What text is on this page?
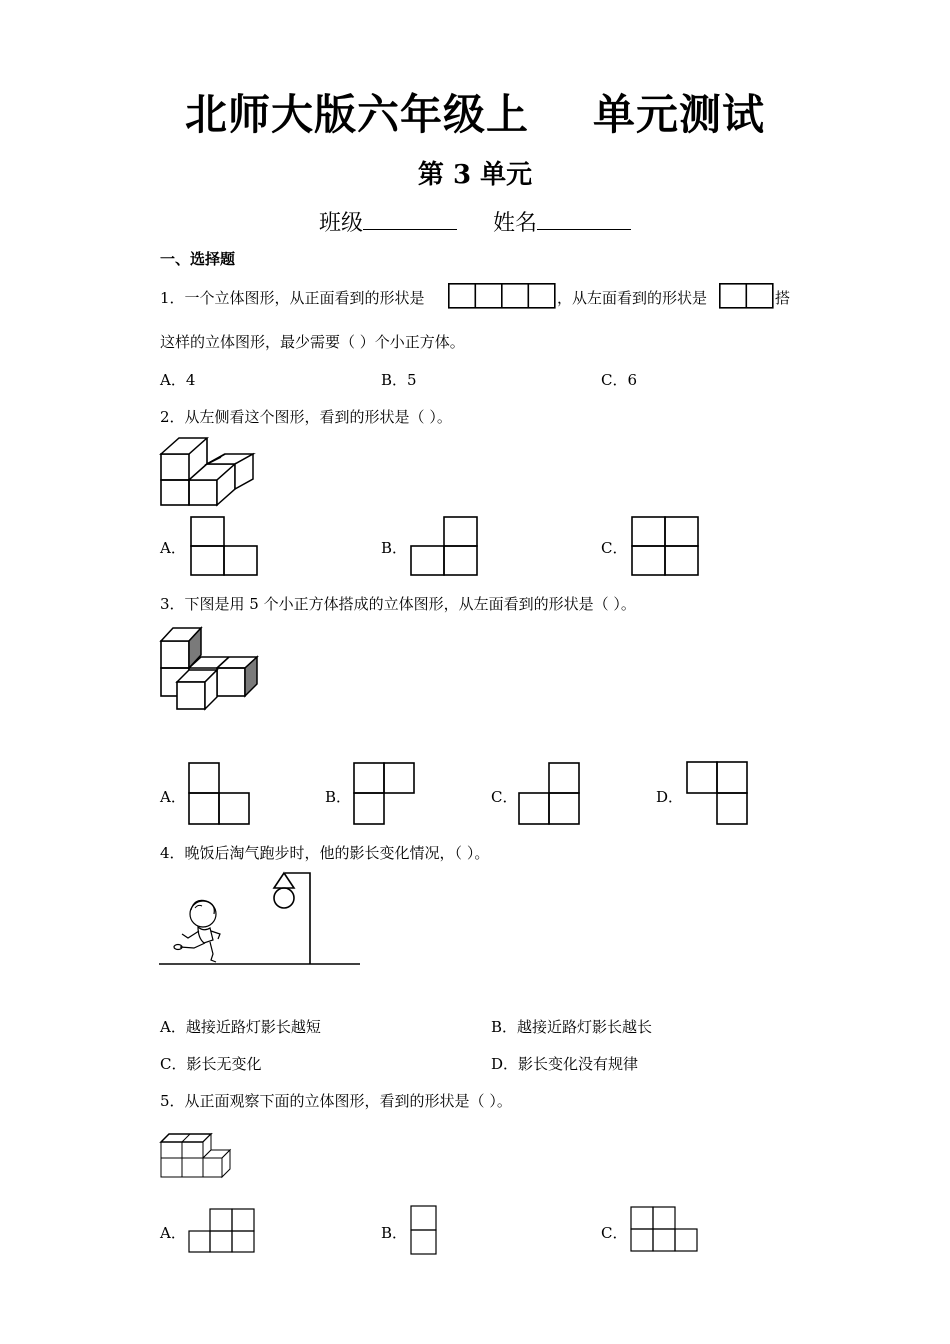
北师大版六年级上 单元测试
第 3 单元
班级	姓名
一、选择题
1．一个立体图形，从正面看到的形状是	，从左面看到的形状是	搭
这样的立体图形，最少需要（ ）个小正方体。
A．4	B．5	C．6
2．从左侧看这个图形，看到的形状是（ ）。
A．	B．	C．
3．下图是用 5 个小正方体搭成的立体图形，从左面看到的形状是（ ）。
A．	B．	C．	D．
4．晚饭后淘气跑步时，他的影长变化情况，（ ）。
A．越接近路灯影长越短	B．越接近路灯影长越长
C．影长无变化	D．影长变化没有规律
5．从正面观察下面的立体图形，看到的形状是（ ）。
A．	B．	C．
